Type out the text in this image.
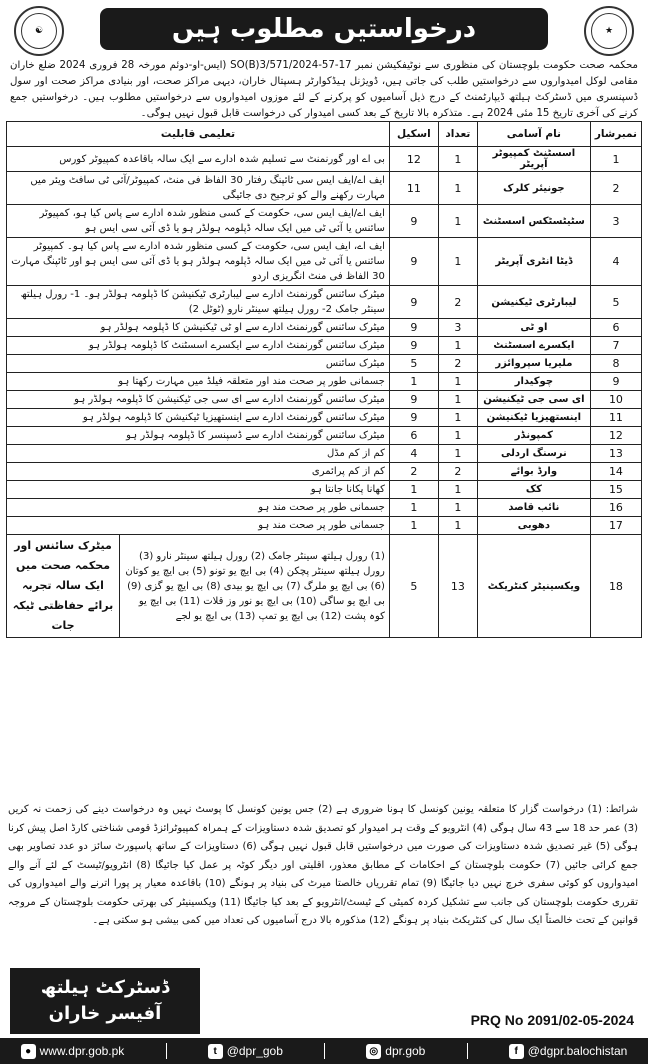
☯	درخواستیں مطلوب ہیں	★
محکمہ صحت حکومت بلوچستان کی منظوری سے نوٹیفکیشن نمبر SO(B)3/571/2024-57-17 (ایس-او-دوئم مورخہ 28 فروری 2024 ضلع خاران مقامی لوکل امیدواروں سے درخواستیں طلب کی جاتی ہیں، ڈویژنل ہیڈکوارٹر ہسپتال خاران، دیہی مراکز صحت، اور بنیادی مراکز صحت اور سول ڈسپنسری میں ڈسٹرکٹ ہیلتھ ڈیپارٹمنٹ کے درج ذیل آسامیوں کو پرکرنے کے لئے موزوں امیدواروں سے درخواستیں مطلوب ہیں۔ درخواستیں جمع کرنے کی آخری تاریخ 15 مئی 2024 ہے۔ متذکرہ بالا تاریخ کے بعد کسی امیدوار کی درخواست قابل قبول نہیں ہوگی۔
نمبرشار	نام آسامی	تعداد	اسکیل	تعلیمی قابلیت	
1	اسسٹنٹ کمپیوٹر آپریٹر	1	12	بی اے اور گورنمنٹ سے تسلیم شدہ ادارے سے ایک سالہ باقاعدہ کمپیوٹر کورس	
2	جونیئر کلرک	1	11	ایف اے/ایف ایس سی ٹائپنگ رفتار 30 الفاظ فی منٹ، کمپیوٹر/آئی ٹی سافٹ ویئر میں مہارت رکھنے والے کو ترجیح دی جائیگی	
3	سٹیٹسٹکس اسسٹنٹ	1	9	ایف اے/ایف ایس سی، حکومت کے کسی منظور شدہ ادارے سے پاس کیا ہو، کمپیوٹر سائنس یا آئی ٹی میں ایک سالہ ڈپلومہ ہولڈر ہو یا ڈی آئی سی ایس ہو	
4	ڈیٹا انٹری آپریٹر	1	9	ایف اے، ایف ایس سی، حکومت کے کسی منظور شدہ ادارے سے پاس کیا ہو۔ کمپیوٹر سائنس یا آئی ٹی میں ایک سالہ ڈپلومہ ہولڈر ہو یا ڈی آئی سی ایس ہو اور ٹائپنگ مہارت 30 الفاظ فی منٹ انگریزی اردو	
5	لیبارٹری ٹیکنیشن	2	9	میٹرک سائنس گورنمنٹ ادارے سے لیبارٹری ٹیکنیشن کا ڈپلومہ ہولڈر ہو۔ 1- رورل ہیلتھ سینٹر جامک 2- رورل ہیلتھ سینٹر نارو (ٹوٹل 2)	
6	او ٹی	3	9	میٹرک سائنس گورنمنٹ ادارے سے او ٹی ٹیکنیشن کا ڈپلومہ ہولڈر ہو	
7	ایکسرے اسسٹنٹ	1	9	میٹرک سائنس گورنمنٹ ادارے سے ایکسرے اسسٹنٹ کا ڈپلومہ ہولڈر ہو	
8	ملیریا سپروائزر	2	5	میٹرک سائنس	
9	چوکیدار	1	1	جسمانی طور پر صحت مند اور متعلقہ فیلڈ میں مہارت رکھتا ہو	
10	ای سی جی ٹیکنیشن	1	9	میٹرک سائنس گورنمنٹ ادارے سے ای سی جی ٹیکنیشن کا ڈپلومہ ہولڈر ہو	
11	اینستھیزیا ٹیکنیشن	1	9	میٹرک سائنس گورنمنٹ ادارے سے اینستھیزیا ٹیکنیشن کا ڈپلومہ ہولڈر ہو	
12	کمپونڈر	1	6	میٹرک سائنس گورنمنٹ ادارے سے ڈسپنسر کا ڈپلومہ ہولڈر ہو	
13	نرسنگ اردلی	1	4	کم از کم مڈل	
14	وارڈ بوائے	2	2	کم از کم پرائمری	
15	کک	1	1	کھانا پکانا جانتا ہو	
16	نائب قاصد	1	1	جسمانی طور پر صحت مند ہو	
17	دھوبی	1	1	جسمانی طور پر صحت مند ہو	
18	ویکسینیٹر کنٹریکٹ	13	5	(1) رورل ہیلتھ سینٹر جامک (2) رورل ہیلتھ سینٹر نارو (3) رورل ہیلتھ سینٹر پچکن (4) بی ایچ یو تونو (5) بی ایچ یو کوتان (6) بی ایچ یو ملرگ (7) بی ایچ یو بیدی (8) بی ایچ یو گزی (9) بی ایچ یو ساگی (10) بی ایچ یو نور وز قلات (11) بی ایچ یو کوہ پشت (12) بی ایچ یو تمپ (13) بی ایچ یو لجے	میٹرک سائنس اور محکمہ صحت میں ایک سالہ تجربہ برائے حفاظتی ٹیکہ جات
شرائط: (1) درخواست گزار کا متعلقہ یونین کونسل کا ہونا ضروری ہے (2) جس یونین کونسل کا پوسٹ نہیں وہ درخواست دینے کی زحمت نہ کریں (3) عمر حد 18 سے 43 سال ہوگی (4) انٹرویو کے وقت ہر امیدوار کو تصدیق شدہ دستاویزات کے ہمراہ کمپیوٹرائزڈ قومی شناختی کارڈ اصل پیش کرنا ہوگی (5) غیر تصدیق شدہ دستاویزات کی صورت میں درخواستیں قابل قبول نہیں ہوگی (6) دستاویزات کے ساتھ پاسپورٹ سائز دو عدد تصاویر بھی جمع کرائی جائیں (7) حکومت بلوچستان کے احکامات کے مطابق معذور، اقلیتی اور دیگر کوٹہ پر عمل کیا جائیگا (8) انٹرویو/ٹیسٹ کے لئے آنے والے امیدواروں کو کوئی سفری خرچ نہیں دیا جائیگا (9) تمام تقرریاں خالصتا میرٹ کی بنیاد پر ہونگے (10) باقاعدہ معیار پر پورا اترنے والے امیدواروں کی تقرری حکومت بلوچستان کی جانب سے تشکیل کردہ کمیٹی کے ٹیسٹ/انٹرویو کے بعد کیا جائیگا (11) ویکسینیٹر کی بھرتی حکومت بلوچستان کے مروجہ قوانین کے تحت خالصتاً ایک سال کی کنٹریکٹ بنیاد پر ہونگے (12) مذکورہ بالا درج آسامیوں کی تعداد میں کمی بیشی ہو سکتی ہے۔
ڈسٹرکٹ ہیلتھ
آفیسر خاران	PRQ No 2091/02-05-2024
● www.dpr.gob.pk	t @dpr_gob	◎ dpr.gob	f @dgpr.balochistan
